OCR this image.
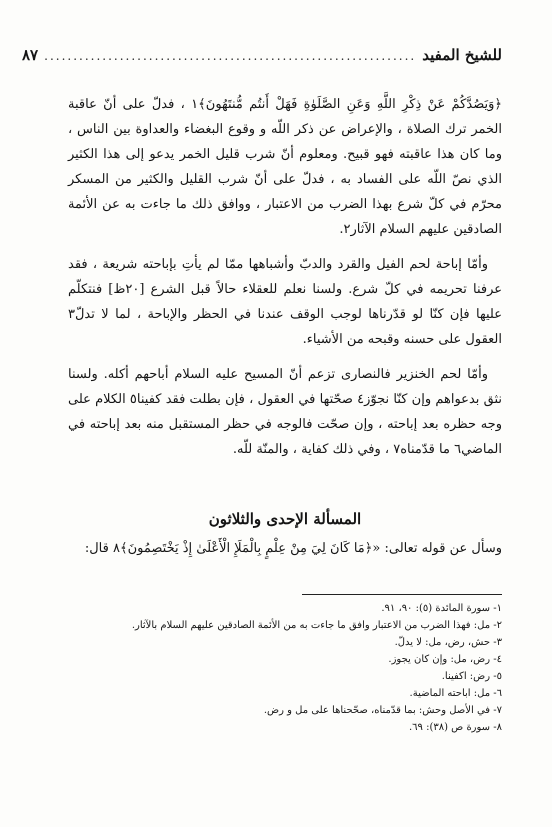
للشيخ المفيد
................................................................
٨٧

﴿وَيَصُدَّكُمْ عَنْ ذِكْرِ اللَّهِ وَعَنِ الصَّلَوٰةِ فَهَلْ أَنتُم مُّنتَهُونَ﴾١ ، فدلّ على أنّ عاقبة الخمر ترك الصلاة ، والإعراض عن ذكر اللّه و وقوع البغضاء والعداوة بين الناس ، وما كان هذا عاقبته فهو قبيح. ومعلوم أنّ شرب قليل الخمر يدعو إلى هذا الكثير الذي نصّ اللّه على الفساد به ، فدلّ على أنّ شرب القليل والكثير من المسكر محرّم في كلّ شرع بهذا الضرب من الاعتبار ، ووافق ذلك ما جاءت به عن الأئمة الصادقين عليهم السلام الآثار٢.

وأمّا إباحة لحم الفيل والقرد والدبّ وأشباهها ممّا لم يأتِ بإباحته شريعة ، فقد عرفنا تحريمه في كلّ شرع. ولسنا نعلم للعقلاء حالاً قبل الشرع [٢٠ظ] فنتكلّم عليها فإن كنّا لو قدّرناها لوجب الوقف عندنا في الحظر والإباحة ، لما لا تدلّ٣ العقول على حسنه وقبحه من الأشياء.

وأمّا لحم الخنزير فالنصارى تزعم أنّ المسيح عليه السلام أباحهم أكله. ولسنا نثق بدعواهم وإن كنّا نجوّز٤ صحّتها في العقول ، فإن بطلت فقد كفينا٥ الكلام على وجه حظره بعد إباحته ، وإن صحّت فالوجه في حظر المستقبل منه بعد إباحته في الماضي٦ ما قدّمناه٧ ، وفي ذلك كفاية ، والمنّة للّه.

المسألة الإحدى والثلاثون
وسأل عن قوله تعالى: «﴿مَا كَانَ لِيَ مِنْ عِلْمٍ بِالْمَلَإِ الْأَعْلَىٰ إِذْ يَخْتَصِمُونَ﴾٨ قال:
١- سورة المائدة (٥): ٩٠، ٩١.
٢- مل: فهذا الضرب من الاعتبار وافق ما جاءت به من الأئمة الصادقين عليهم السلام بالآثار.
٣- حش، رض، مل: لا يدلّ.
٤- رض، مل: وإن كان يجوز.
٥- رض: اكفينا.
٦- مل: اباحته الماضية.
٧- في الأصل وحش: بما قدّمناه، صحّحناها على مل و رض.
٨- سورة ص (٣٨): ٦٩.
